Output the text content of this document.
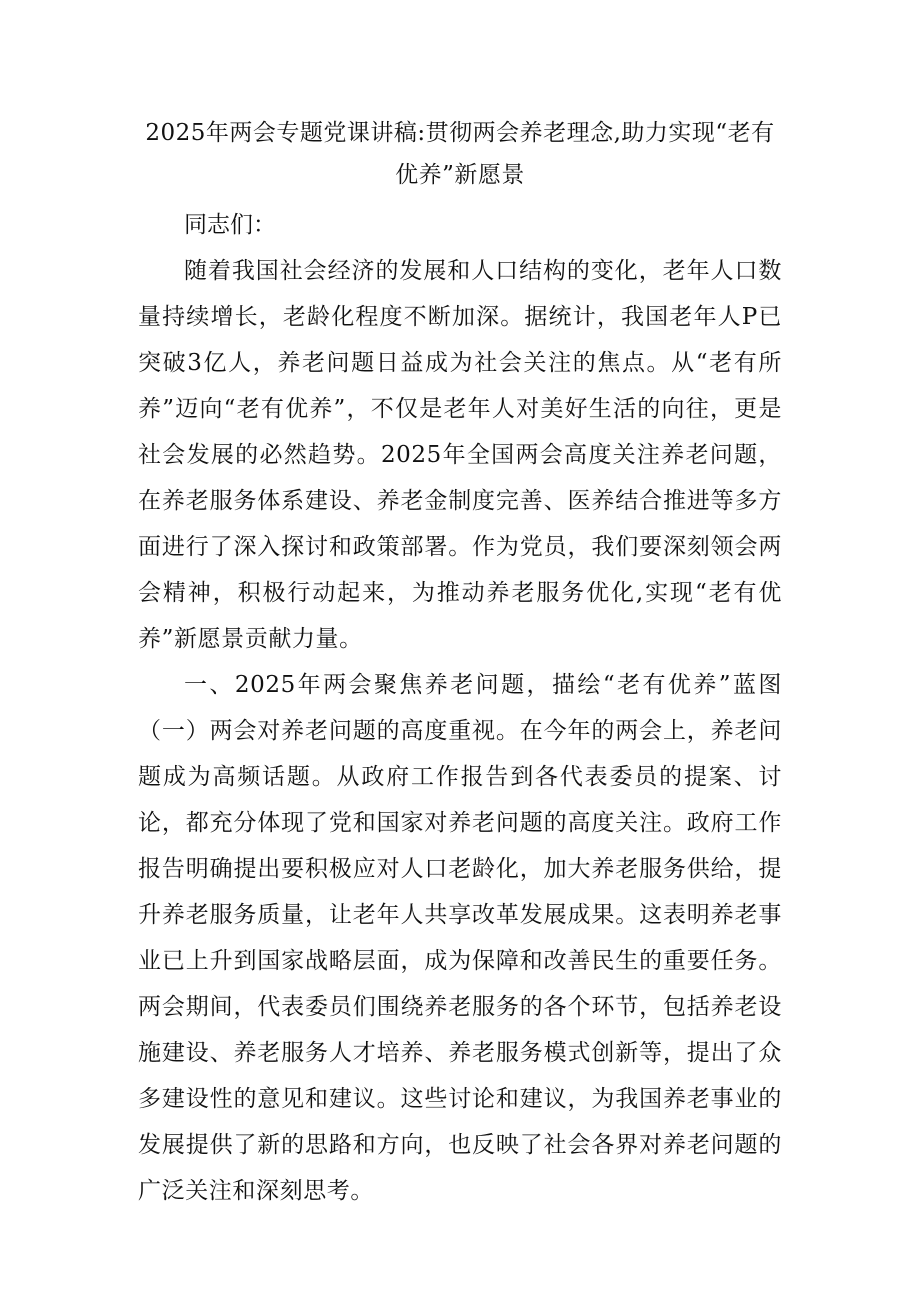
2025年两会专题党课讲稿:贯彻两会养老理念,助力实现“老有优养”新愿景

同志们：

随着我国社会经济的发展和人口结构的变化，老年人口数量持续增长，老龄化程度不断加深。据统计，我国老年人P已突破3亿人，养老问题日益成为社会关注的焦点。从“老有所养”迈向“老有优养”，不仅是老年人对美好生活的向往，更是社会发展的必然趋势。2025年全国两会高度关注养老问题，在养老服务体系建设、养老金制度完善、医养结合推进等多方面进行了深入探讨和政策部署。作为党员，我们要深刻领会两会精神，积极行动起来，为推动养老服务优化,实现“老有优养”新愿景贡献力量。

一、2025年两会聚焦养老问题，描绘“老有优养”蓝图（一）两会对养老问题的高度重视。在今年的两会上，养老问题成为高频话题。从政府工作报告到各代表委员的提案、讨论，都充分体现了党和国家对养老问题的高度关注。政府工作报告明确提出要积极应对人口老龄化，加大养老服务供给，提升养老服务质量，让老年人共享改革发展成果。这表明养老事业已上升到国家战略层面，成为保障和改善民生的重要任务。两会期间，代表委员们围绕养老服务的各个环节，包括养老设施建设、养老服务人才培养、养老服务模式创新等，提出了众多建设性的意见和建议。这些讨论和建议，为我国养老事业的发展提供了新的思路和方向，也反映了社会各界对养老问题的广泛关注和深刻思考。
